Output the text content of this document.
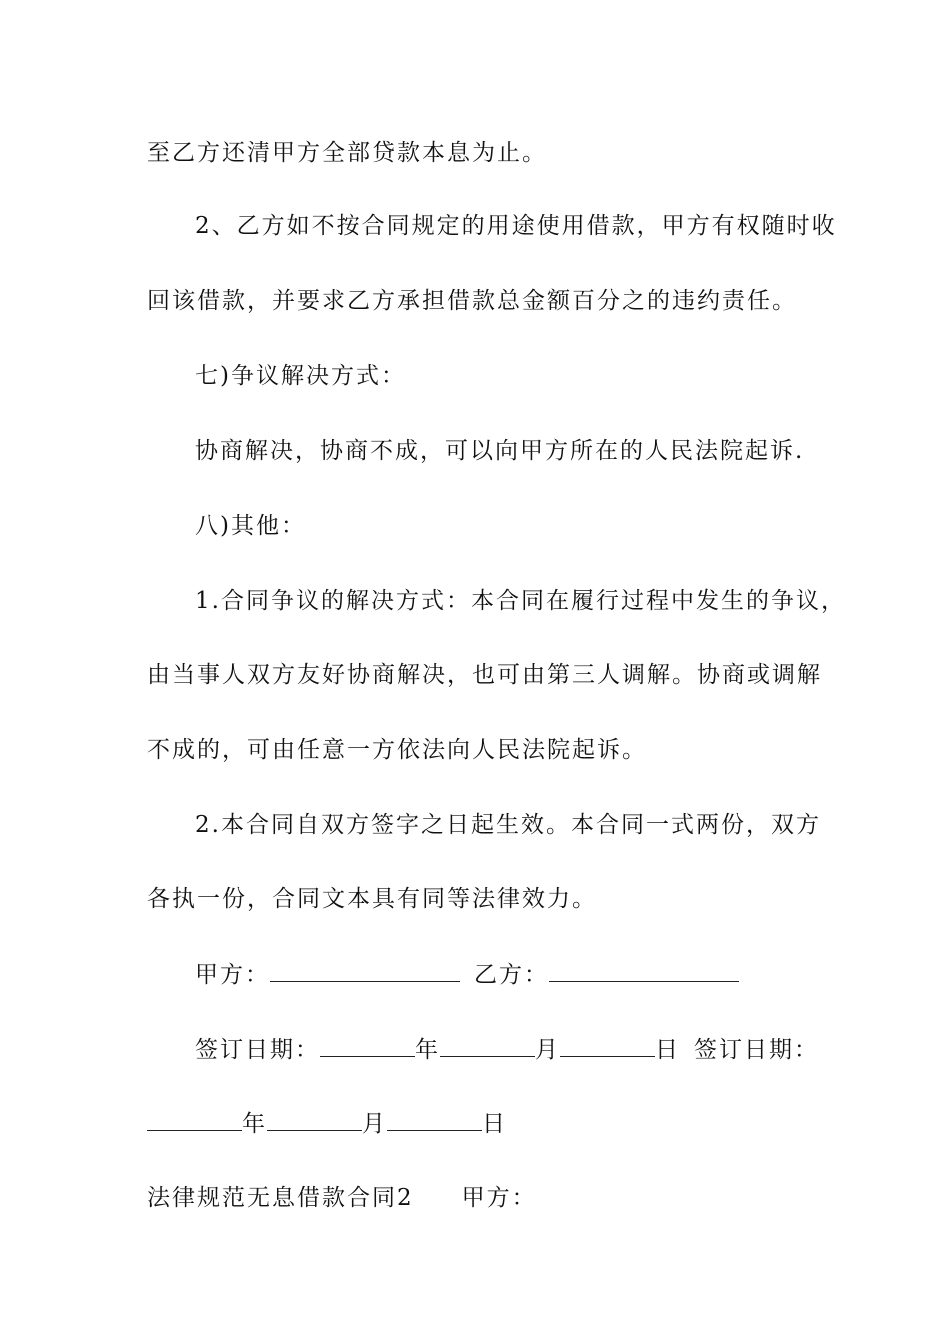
至乙方还清甲方全部贷款本息为止。
2、乙方如不按合同规定的用途使用借款，甲方有权随时收
回该借款，并要求乙方承担借款总金额百分之的违约责任。
七)争议解决方式：
协商解决，协商不成，可以向甲方所在的人民法院起诉.
八)其他：
1.合同争议的解决方式：本合同在履行过程中发生的争议，
由当事人双方友好协商解决，也可由第三人调解。协商或调解
不成的，可由任意一方依法向人民法院起诉。
2.本合同自双方签字之日起生效。本合同一式两份，双方
各执一份，合同文本具有同等法律效力。
甲方：	乙方：
签订日期：	年	月	日 签订日期：
年	月	日
法律规范无息借款合同2 甲方：
